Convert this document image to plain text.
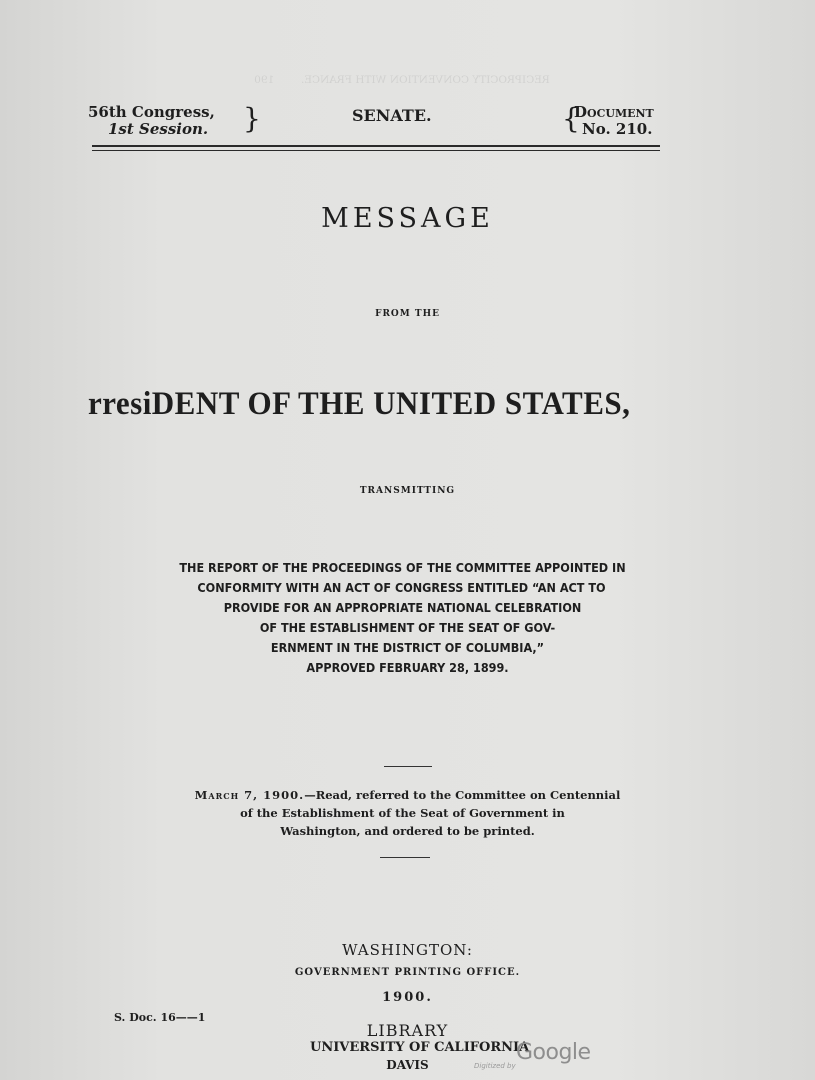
RECIPROCITY CONVENTION WITH FRANCE.        190
56th Congress,
1st Session. }	SENATE.	{
Document
No. 210.
MESSAGE
FROM THE
rresiDENT OF THE UNITED STATES,
TRANSMITTING
THE REPORT OF THE PROCEEDINGS OF THE COMMITTEE APPOINTED IN
CONFORMITY WITH AN ACT OF CONGRESS ENTITLED “AN ACT TO
PROVIDE FOR AN APPROPRIATE NATIONAL CELEBRATION
OF THE ESTABLISHMENT OF THE SEAT OF GOV-
ERNMENT IN THE DISTRICT OF COLUMBIA,”
APPROVED FEBRUARY 28, 1899.
March 7, 1900.—Read, referred to the Committee on Centennial
of the Establishment of the Seat of Government in
Washington, and ordered to be printed.
WASHINGTON:
GOVERNMENT PRINTING OFFICE.
1900.
S. Doc. 16——1
LIBRARY
UNIVERSITY OF CALIFORNIA
DAVIS	Digitized by
Google
